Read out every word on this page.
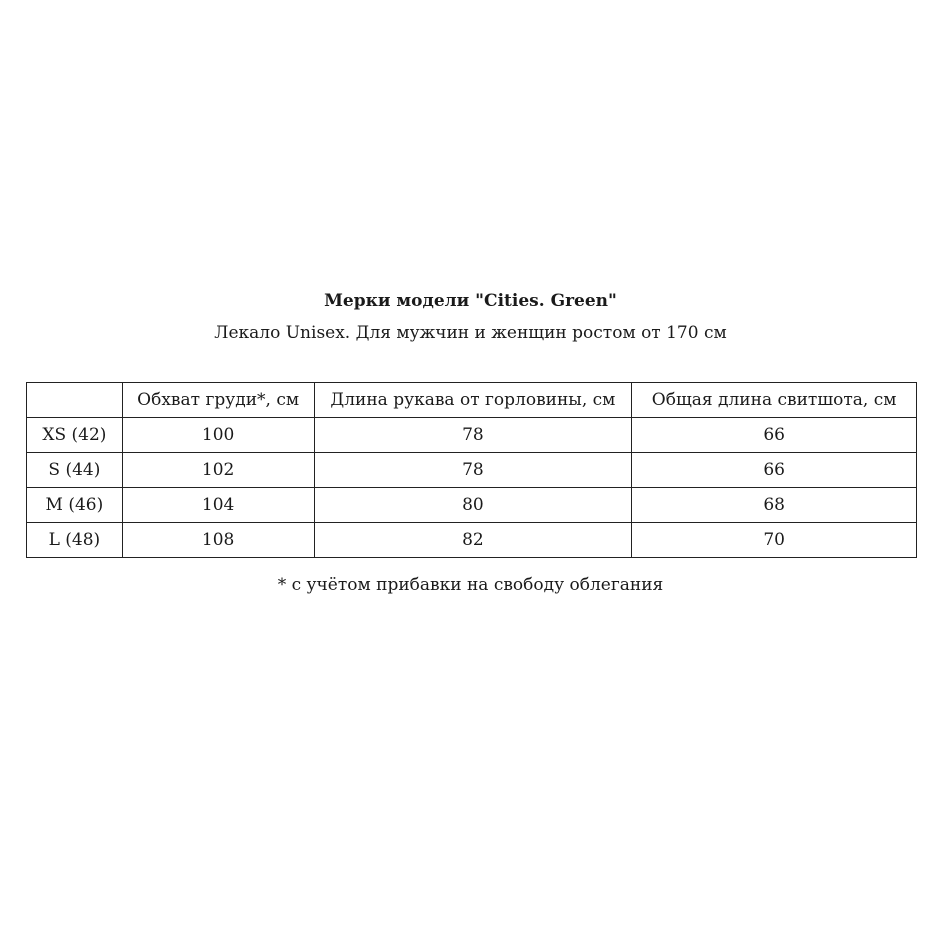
Мерки модели "Cities. Green"
Лекало Unisex. Для мужчин и женщин ростом от 170 см
	Обхват груди*, см	Длина рукава от горловины, см	Общая длина свитшота, см
XS (42)	100	78	66
S (44)	102	78	66
M (46)	104	80	68
L (48)	108	82	70
* с учётом прибавки на свободу облегания
